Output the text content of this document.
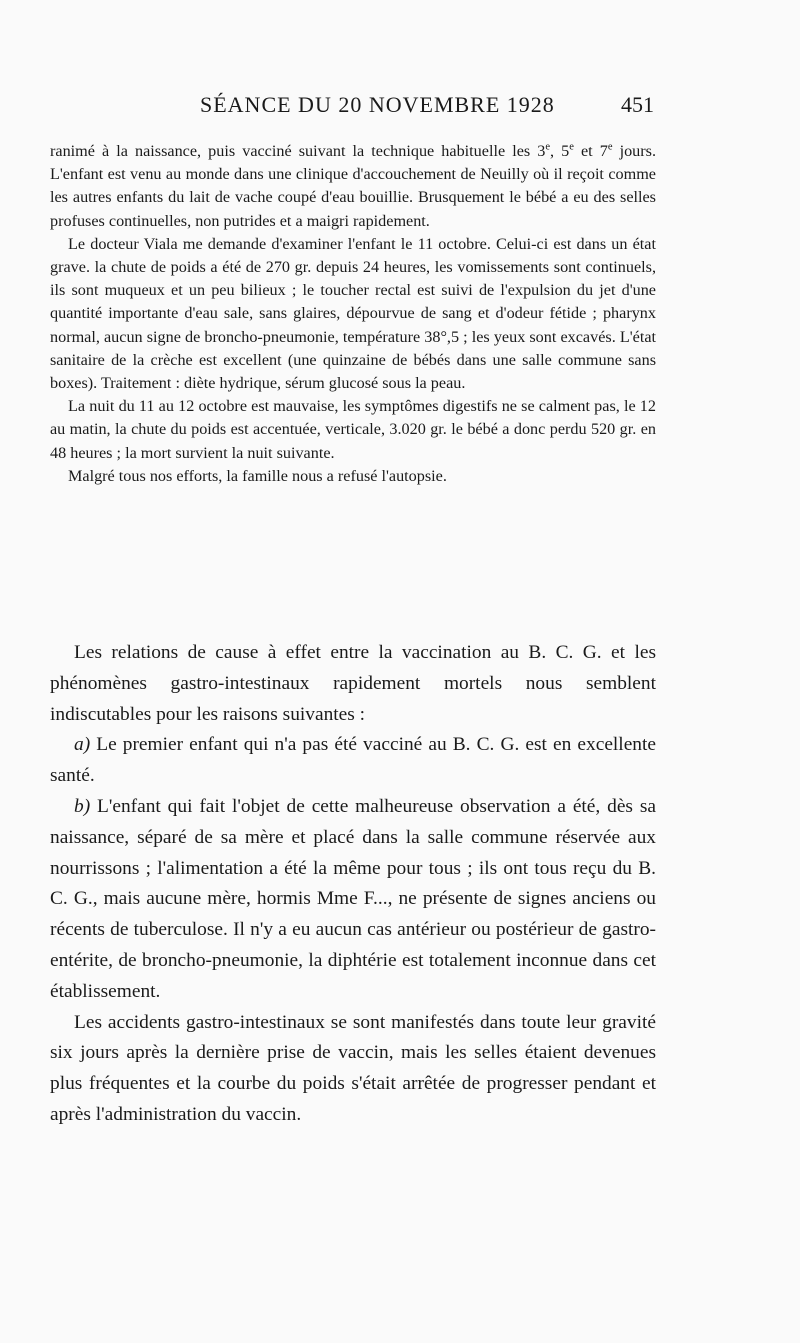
SÉANCE DU 20 NOVEMBRE 1928	451

ranimé à la naissance, puis vacciné suivant la technique habituelle les 3e, 5e et 7e jours. L'enfant est venu au monde dans une clinique d'accouchement de Neuilly où il reçoit comme les autres enfants du lait de vache coupé d'eau bouillie. Brusquement le bébé a eu des selles profuses continuelles, non putrides et a maigri rapidement.

Le docteur Viala me demande d'examiner l'enfant le 11 octobre. Celui-ci est dans un état grave. la chute de poids a été de 270 gr. depuis 24 heures, les vomissements sont continuels, ils sont muqueux et un peu bilieux ; le toucher rectal est suivi de l'expulsion du jet d'une quantité importante d'eau sale, sans glaires, dépourvue de sang et d'odeur fétide ; pharynx normal, aucun signe de broncho-pneumonie, température 38°,5 ; les yeux sont excavés. L'état sanitaire de la crèche est excellent (une quinzaine de bébés dans une salle commune sans boxes). Traitement : diète hydrique, sérum glucosé sous la peau.

La nuit du 11 au 12 octobre est mauvaise, les symptômes digestifs ne se calment pas, le 12 au matin, la chute du poids est accentuée, verticale, 3.020 gr. le bébé a donc perdu 520 gr. en 48 heures ; la mort survient la nuit suivante.

Malgré tous nos efforts, la famille nous a refusé l'autopsie.

Les relations de cause à effet entre la vaccination au B. C. G. et les phénomènes gastro-intestinaux rapidement mortels nous semblent indiscutables pour les raisons suivantes :

a) Le premier enfant qui n'a pas été vacciné au B. C. G. est en excellente santé.

b) L'enfant qui fait l'objet de cette malheureuse observation a été, dès sa naissance, séparé de sa mère et placé dans la salle commune réservée aux nourrissons ; l'alimentation a été la même pour tous ; ils ont tous reçu du B. C. G., mais aucune mère, hormis Mme F..., ne présente de signes anciens ou récents de tuberculose. Il n'y a eu aucun cas antérieur ou postérieur de gastro-entérite, de broncho-pneumonie, la diphtérie est totalement inconnue dans cet établissement.

Les accidents gastro-intestinaux se sont manifestés dans toute leur gravité six jours après la dernière prise de vaccin, mais les selles étaient devenues plus fréquentes et la courbe du poids s'était arrêtée de progresser pendant et après l'administration du vaccin.
